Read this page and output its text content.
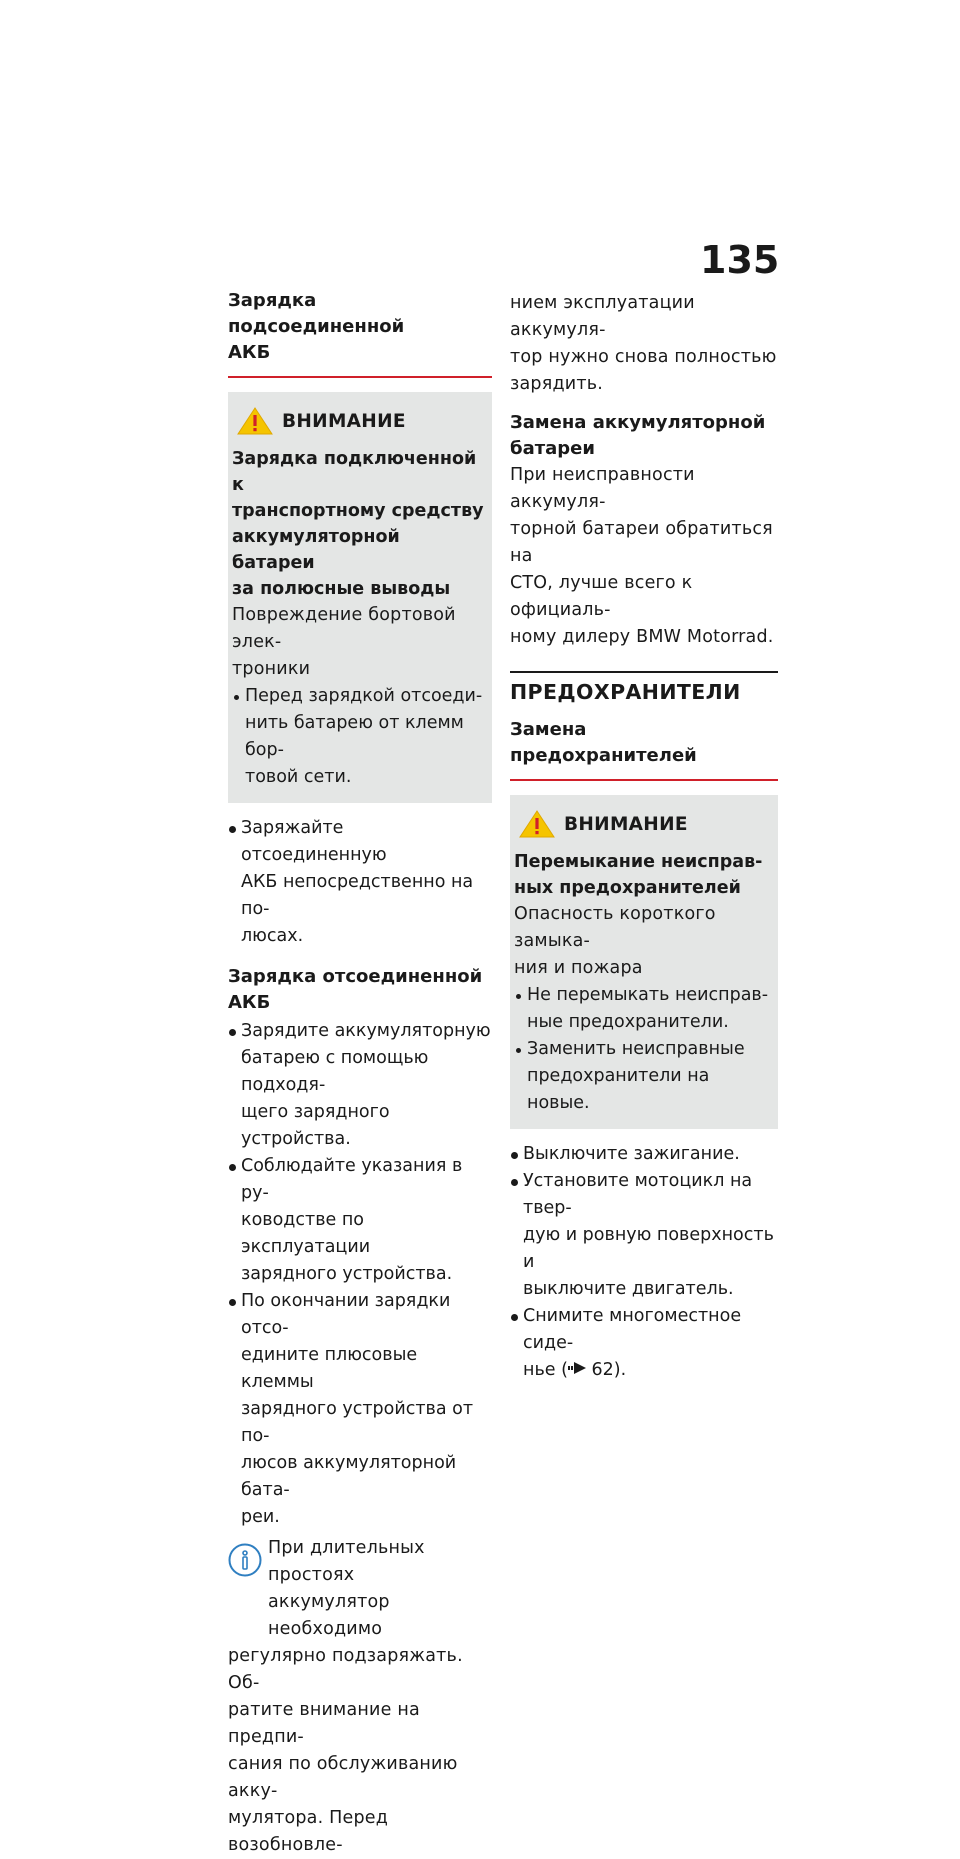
135
Зарядка подсоединенной
АКБ
ВНИМАНИЕ
Зарядка подключенной к
транспортному средству
аккумуляторной батареи
за полюсные выводы
Повреждение бортовой элек-
троники
Перед зарядкой отсоеди-
нить батарею от клемм бор-
товой сети.
Заряжайте отсоединенную
АКБ непосредственно на по-
люсах.
Зарядка отсоединенной
АКБ
Зарядите аккумуляторную
батарею с помощью подходя-
щего зарядного устройства.
Соблюдайте указания в ру-
ководстве по эксплуатации
зарядного устройства.
По окончании зарядки отсо-
едините плюсовые клеммы
зарядного устройства от по-
люсов аккумуляторной бата-
реи.
При длительных простоях
аккумулятор необходимо
регулярно подзаряжать. Об-
ратите внимание на предпи-
сания по обслуживанию акку-
мулятора. Перед возобновле-
нием эксплуатации аккумуля-
тор нужно снова полностью
зарядить.
Замена аккумуляторной
батареи
При неисправности аккумуля-
торной батареи обратиться на
СТО, лучше всего к официаль-
ному дилеру BMW Motorrad.
ПРЕДОХРАНИТЕЛИ
Замена предохранителей
ВНИМАНИЕ
Перемыкание неисправ-
ных предохранителей
Опасность короткого замыка-
ния и пожара
Не перемыкать неисправ-
ные предохранители.
Заменить неисправные
предохранители на новые.
Выключите зажигание.
Установите мотоцикл на твер-
дую и ровную поверхность и
выключите двигатель.
Снимите многоместное сиде-
нье ( 62).
